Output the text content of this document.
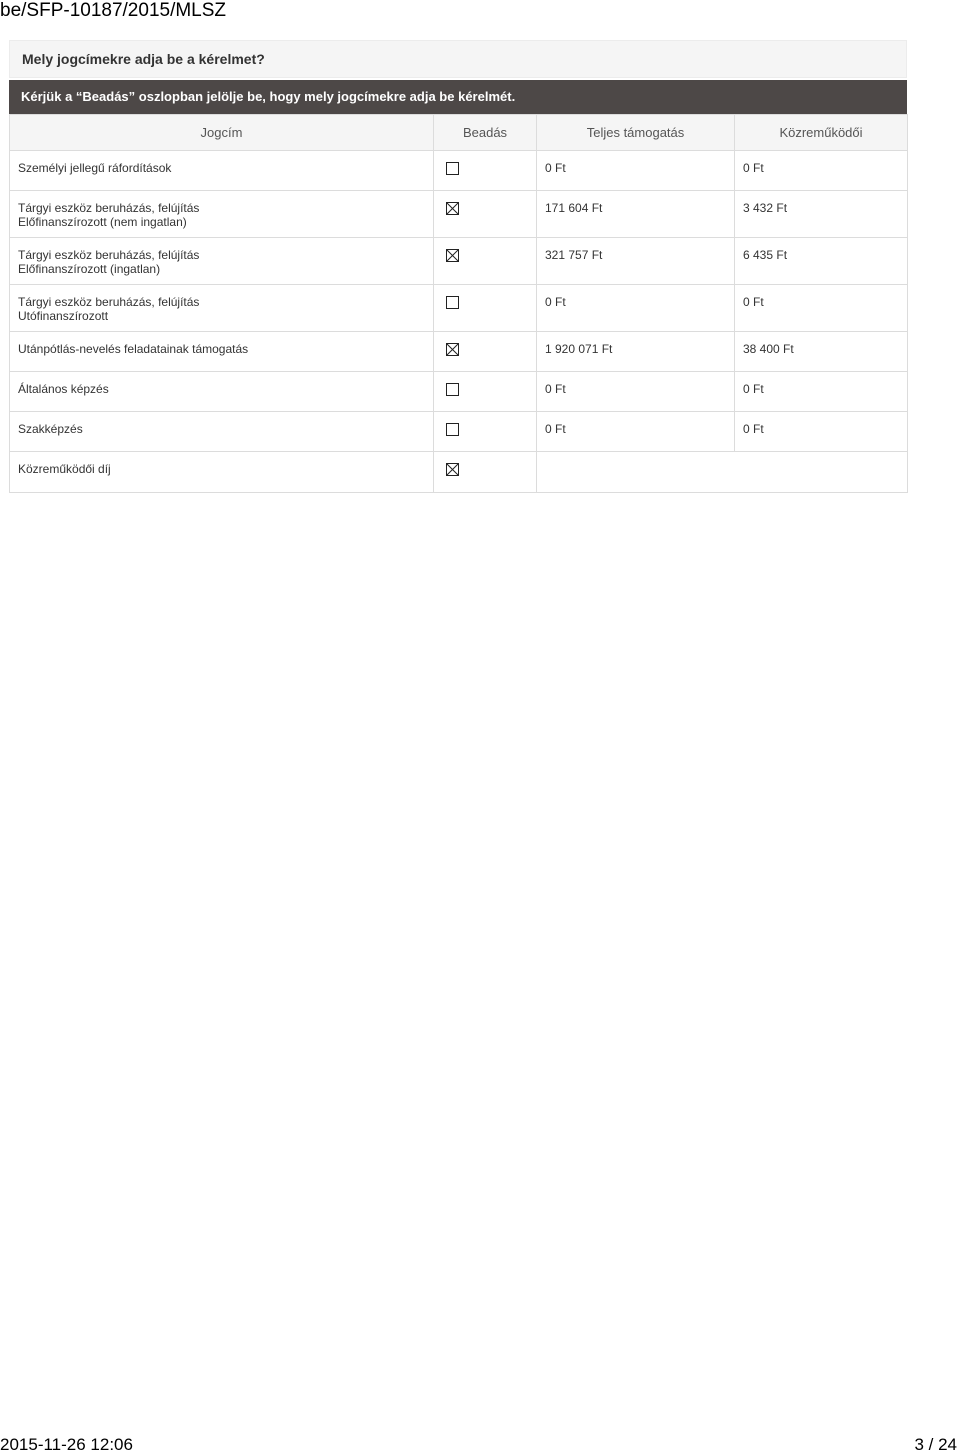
be/SFP-10187/2015/MLSZ
Mely jogcímekre adja be a kérelmet?
Kérjük a “Beadás” oszlopban jelölje be, hogy mely jogcímekre adja be kérelmét.
Jogcím	Beadás	Teljes támogatás	Közreműködői

Személyi jellegű ráfordítások		0 Ft	0 Ft

Tárgyi eszköz beruházás, felújítás
Előfinanszírozott (nem ingatlan)		171 604 Ft	3 432 Ft

Tárgyi eszköz beruházás, felújítás
Előfinanszírozott (ingatlan)		321 757 Ft	6 435 Ft

Tárgyi eszköz beruházás, felújítás
Utófinanszírozott		0 Ft	0 Ft

Utánpótlás-nevelés feladatainak támogatás		1 920 071 Ft	38 400 Ft

Általános képzés		0 Ft	0 Ft

Szakképzés		0 Ft	0 Ft

Közreműködői díj

2015-11-26 12:06	3 / 24
